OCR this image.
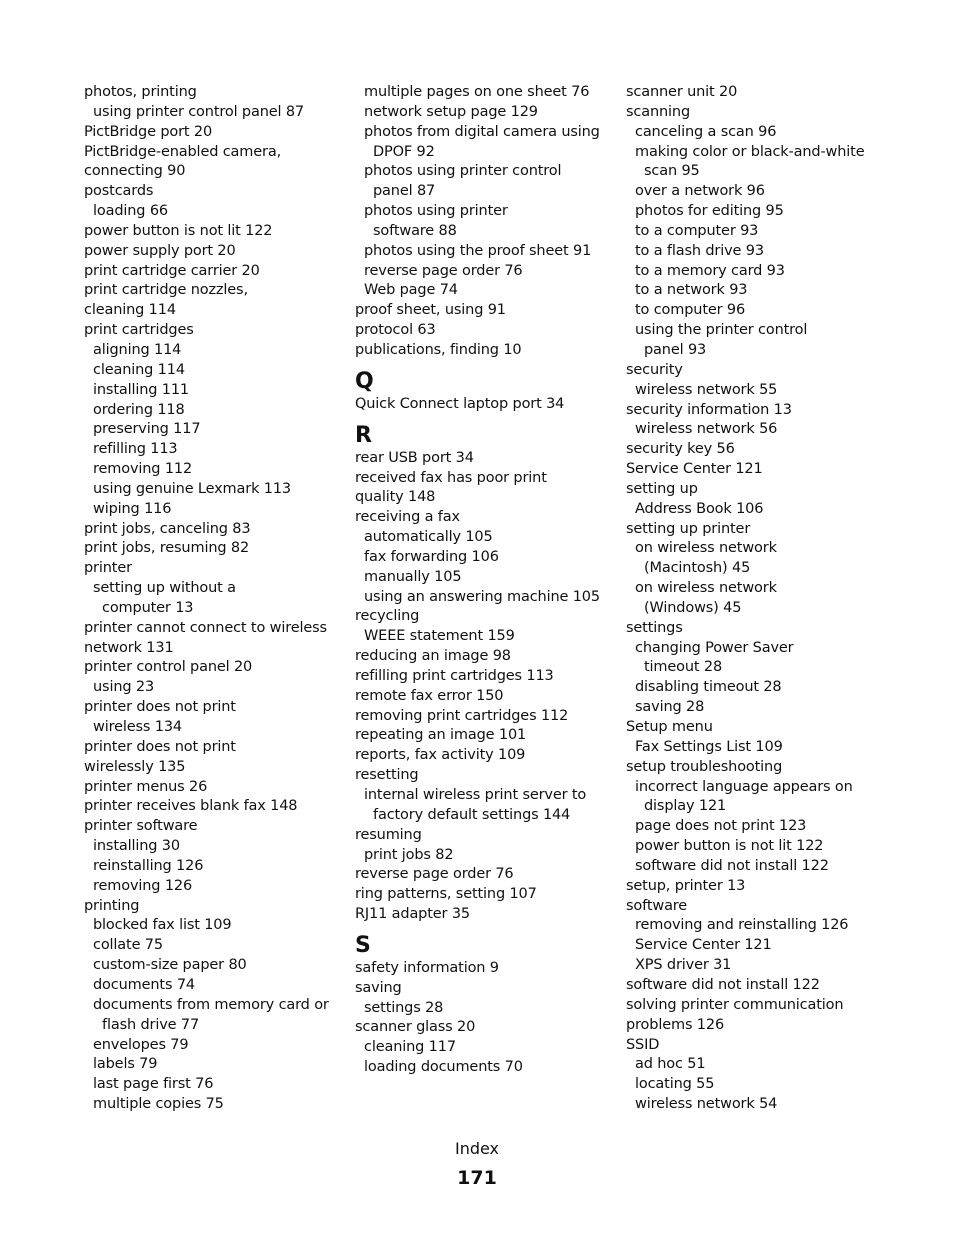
photos, printing
using printer control panel 87
PictBridge port 20
PictBridge-enabled camera,
connecting 90
postcards
loading 66
power button is not lit 122
power supply port 20
print cartridge carrier 20
print cartridge nozzles,
cleaning 114
print cartridges
aligning 114
cleaning 114
installing 111
ordering 118
preserving 117
refilling 113
removing 112
using genuine Lexmark 113
wiping 116
print jobs, canceling 83
print jobs, resuming 82
printer
setting up without a
computer 13
printer cannot connect to wireless
network 131
printer control panel 20
using 23
printer does not print
wireless 134
printer does not print
wirelessly 135
printer menus 26
printer receives blank fax 148
printer software
installing 30
reinstalling 126
removing 126
printing
blocked fax list 109
collate 75
custom-size paper 80
documents 74
documents from memory card or
flash drive 77
envelopes 79
labels 79
last page first 76
multiple copies 75
multiple pages on one sheet 76
network setup page 129
photos from digital camera using
DPOF 92
photos using printer control
panel 87
photos using printer
software 88
photos using the proof sheet 91
reverse page order 76
Web page 74
proof sheet, using 91
protocol 63
publications, finding 10
Q
Quick Connect laptop port 34
R
rear USB port 34
received fax has poor print
quality 148
receiving a fax
automatically 105
fax forwarding 106
manually 105
using an answering machine 105
recycling
WEEE statement 159
reducing an image 98
refilling print cartridges 113
remote fax error 150
removing print cartridges 112
repeating an image 101
reports, fax activity 109
resetting
internal wireless print server to
factory default settings 144
resuming
print jobs 82
reverse page order 76
ring patterns, setting 107
RJ11 adapter 35
S
safety information 9
saving
settings 28
scanner glass 20
cleaning 117
loading documents 70
scanner unit 20
scanning
canceling a scan 96
making color or black-and-white
scan 95
over a network 96
photos for editing 95
to a computer 93
to a flash drive 93
to a memory card 93
to a network 93
to computer 96
using the printer control
panel 93
security
wireless network 55
security information 13
wireless network 56
security key 56
Service Center 121
setting up
Address Book 106
setting up printer
on wireless network
(Macintosh) 45
on wireless network
(Windows) 45
settings
changing Power Saver
timeout 28
disabling timeout 28
saving 28
Setup menu
Fax Settings List 109
setup troubleshooting
incorrect language appears on
display 121
page does not print 123
power button is not lit 122
software did not install 122
setup, printer 13
software
removing and reinstalling 126
Service Center 121
XPS driver 31
software did not install 122
solving printer communication
problems 126
SSID
ad hoc 51
locating 55
wireless network 54
Index
171
